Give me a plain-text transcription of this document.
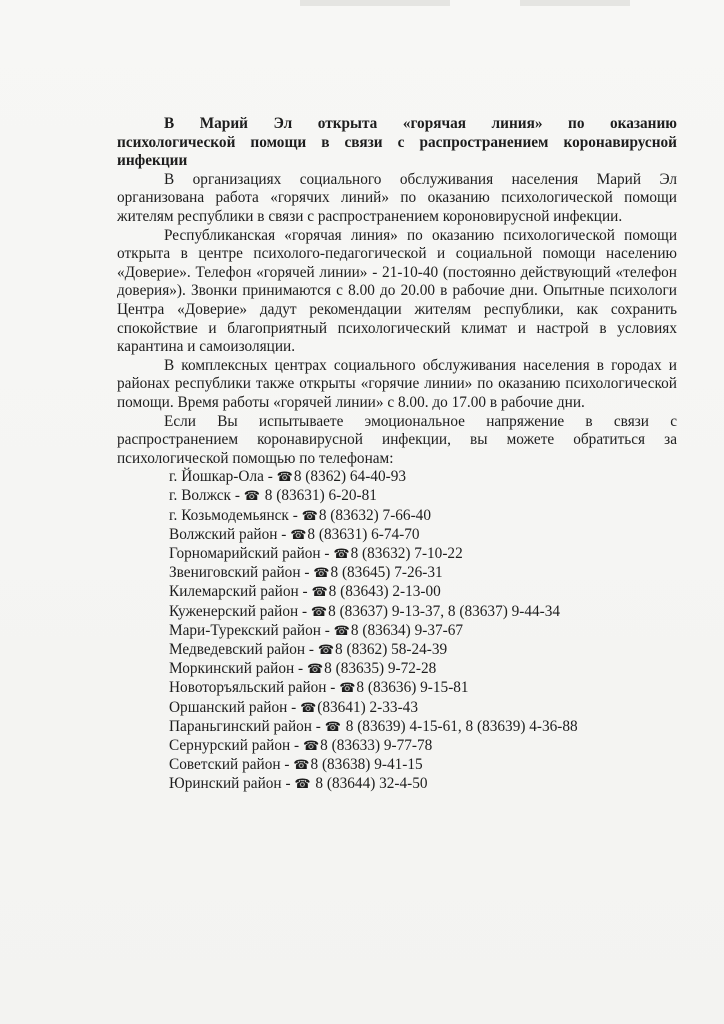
В Марий Эл открыта «горячая линия» по оказанию
психологической помощи в связи с распространением коронавирусной
инфекции

В организациях социального обслуживания населения Марий Эл организована работа «горячих линий» по оказанию психологической помощи жителям республики в связи с распространением короновирусной инфекции.

Республиканская «горячая линия» по оказанию психологической помощи открыта в центре психолого-педагогической и социальной помощи населению «Доверие». Телефон «горячей линии» - 21-10-40 (постоянно действующий «телефон доверия»). Звонки принимаются с 8.00 до 20.00 в рабочие дни. Опытные психологи Центра «Доверие» дадут рекомендации жителям республики, как сохранить спокойствие и благоприятный психологический климат и настрой в условиях карантина и самоизоляции.

В комплексных центрах социального обслуживания населения в городах и районах республики также открыты «горячие линии» по оказанию психологической помощи. Время работы «горячей линии» с 8.00. до 17.00 в рабочие дни.

Если Вы испытываете эмоциональное напряжение в связи с распространением коронавирусной инфекции, вы можете обратиться за психологической помощью по телефонам:

г. Йошкар-Ола - ☎8 (8362) 64-40-93
г. Волжск - ☎ 8 (83631) 6-20-81
г. Козьмодемьянск - ☎8 (83632) 7-66-40
Волжский район - ☎8 (83631) 6-74-70
Горномарийский район - ☎8 (83632) 7-10-22
Звениговский район - ☎8 (83645) 7-26-31
Килемарский район - ☎8 (83643) 2-13-00
Куженерский район - ☎8 (83637) 9-13-37, 8 (83637) 9-44-34
Мари-Турекский район - ☎8 (83634) 9-37-67
Медведевский район - ☎8 (8362) 58-24-39
Моркинский район - ☎8 (83635) 9-72-28
Новоторъяльский район - ☎8 (83636) 9-15-81
Оршанский район - ☎(83641) 2-33-43
Параньгинский район - ☎ 8 (83639) 4-15-61, 8 (83639) 4-36-88
Сернурский район - ☎8 (83633) 9-77-78
Советский район - ☎8 (83638) 9-41-15
Юринский район - ☎ 8 (83644) 32-4-50
